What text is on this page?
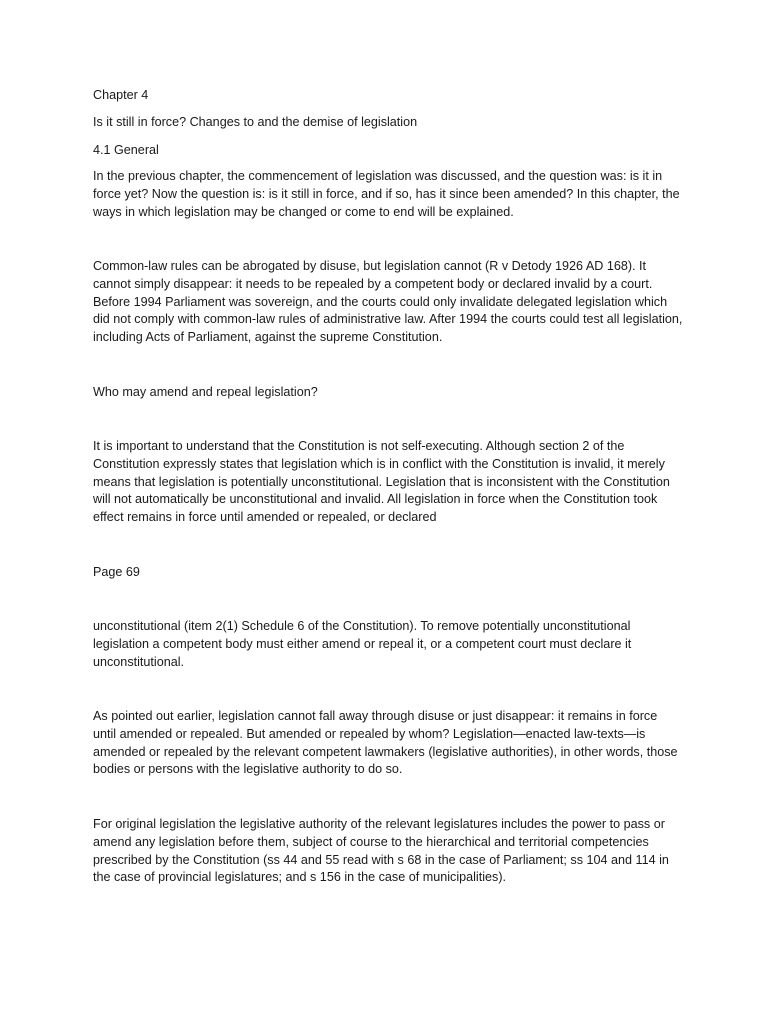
Chapter 4

Is it still in force? Changes to and the demise of legislation

4.1 General

In the previous chapter, the commencement of legislation was discussed, and the question was: is it in force yet? Now the question is: is it still in force, and if so, has it since been amended? In this chapter, the ways in which legislation may be changed or come to end will be explained.

Common-law rules can be abrogated by disuse, but legislation cannot (R v Detody 1926 AD 168). It cannot simply disappear: it needs to be repealed by a competent body or declared invalid by a court. Before 1994 Parliament was sovereign, and the courts could only invalidate delegated legislation which did not comply with common-law rules of administrative law. After 1994 the courts could test all legislation, including Acts of Parliament, against the supreme Constitution.

Who may amend and repeal legislation?

It is important to understand that the Constitution is not self-executing. Although section 2 of the Constitution expressly states that legislation which is in conflict with the Constitution is invalid, it merely means that legislation is potentially unconstitutional. Legislation that is inconsistent with the Constitution will not automatically be unconstitutional and invalid. All legislation in force when the Constitution took effect remains in force until amended or repealed, or declared

Page 69

unconstitutional (item 2(1) Schedule 6 of the Constitution). To remove potentially unconstitutional legislation a competent body must either amend or repeal it, or a competent court must declare it unconstitutional.

As pointed out earlier, legislation cannot fall away through disuse or just disappear: it remains in force until amended or repealed. But amended or repealed by whom? Legislation—enacted law-texts—is amended or repealed by the relevant competent lawmakers (legislative authorities), in other words, those bodies or persons with the legislative authority to do so.

For original legislation the legislative authority of the relevant legislatures includes the power to pass or amend any legislation before them, subject of course to the hierarchical and territorial competencies prescribed by the Constitution (ss 44 and 55 read with s 68 in the case of Parliament; ss 104 and 114 in the case of provincial legislatures; and s 156 in the case of municipalities).
